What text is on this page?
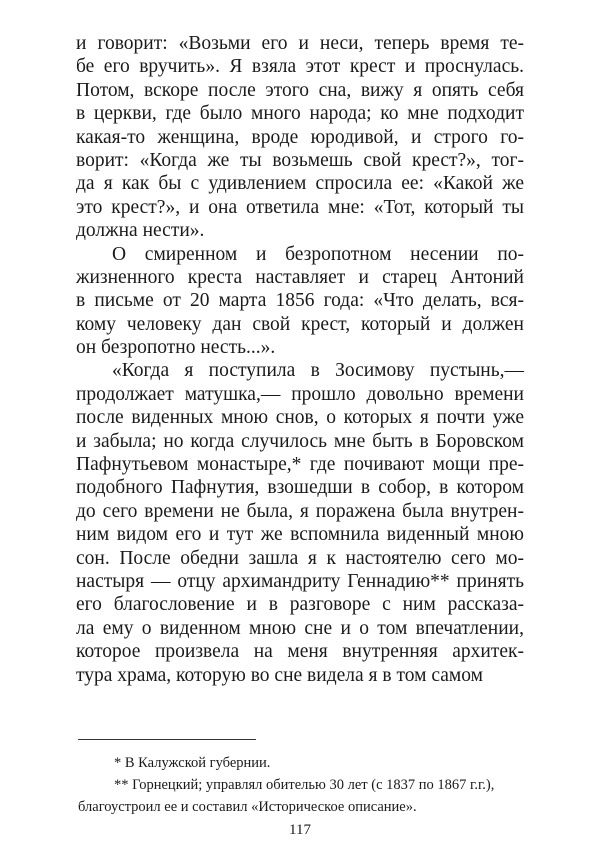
и говорит: «Возьми его и неси, теперь время те-
бе его вручить». Я взяла этот крест и проснулась.
Потом, вскоре после этого сна, вижу я опять себя
в церкви, где было много народа; ко мне подходит
какая-то женщина, вроде юродивой, и строго го-
ворит: «Когда же ты возьмешь свой крест?», тог-
да я как бы с удивлением спросила ее: «Какой же
это крест?», и она ответила мне: «Тот, который ты
должна нести».
О смиренном и безропотном несении по-
жизненного креста наставляет и старец Антоний
в письме от 20 марта 1856 года: «Что делать, вся-
кому человеку дан свой крест, который и должен
он безропотно несть...».
«Когда я поступила в Зосимову пустынь,—
продолжает матушка,— прошло довольно времени
после виденных мною снов, о которых я почти уже
и забыла; но когда случилось мне быть в Боровском
Пафнутьевом монастыре,* где почивают мощи пре-
подобного Пафнутия, взошедши в собор, в котором
до сего времени не была, я поражена была внутрен-
ним видом его и тут же вспомнила виденный мною
сон. После обедни зашла я к настоятелю сего мо-
настыря — отцу архимандриту Геннадию** принять
его благословение и в разговоре с ним рассказа-
ла ему о виденном мною сне и о том впечатлении,
которое произвела на меня внутренняя архитек-
тура храма, которую во сне видела я в том самом
* В Калужской губернии.
** Горнецкий; управлял обителью 30 лет (с 1837 по 1867 г.г.),
благоустроил ее и составил «Историческое описание».
117
